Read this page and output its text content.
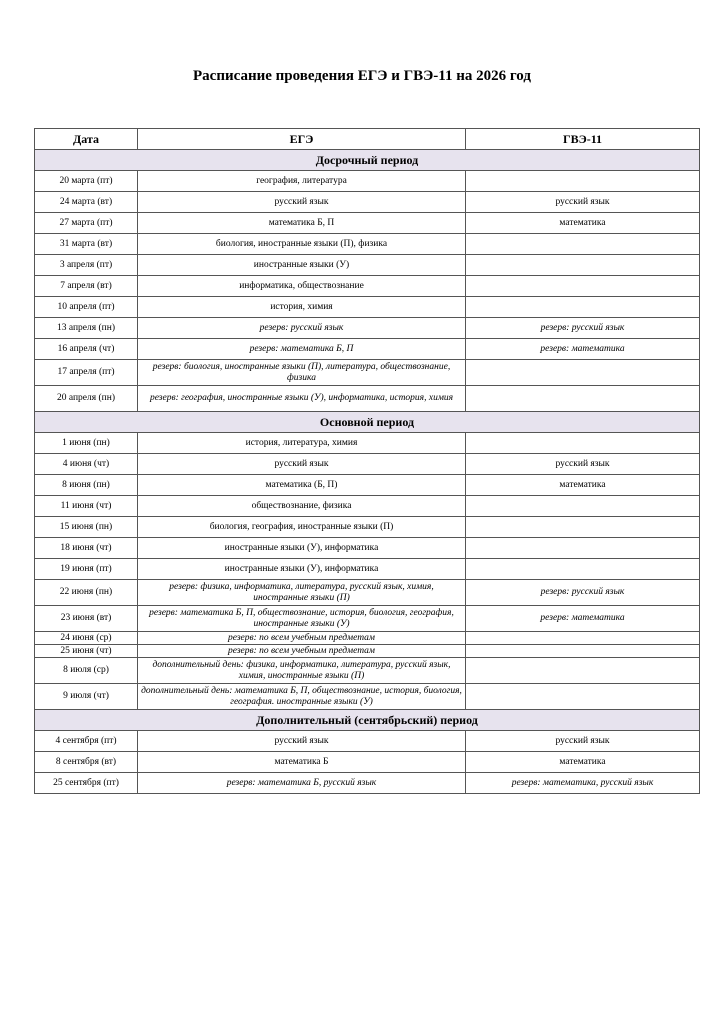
Расписание проведения ЕГЭ и ГВЭ-11 на 2026 год
Дата	ЕГЭ	ГВЭ-11
Досрочный период		
20 марта (пт)	география, литература	
24 марта (вт)	русский язык	русский язык
27 марта (пт)	математика Б, П	математика
31 марта (вт)	биология, иностранные языки (П), физика	
3 апреля (пт)	иностранные языки (У)	
7 апреля (вт)	информатика, обществознание	
10 апреля (пт)	история, химия	
13 апреля (пн)	резерв: русский язык	резерв: русский язык
16 апреля (чт)	резерв: математика Б, П	резерв: математика
17 апреля (пт)	резерв: биология, иностранные языки (П), литература, обществознание, физика	
20 апреля (пн)	резерв: география, иностранные языки (У), информатика, история, химия	
Основной период		
1 июня (пн)	история, литература, химия	
4 июня (чт)	русский язык	русский язык
8 июня (пн)	математика (Б, П)	математика
11 июня (чт)	обществознание, физика	
15 июня (пн)	биология, география, иностранные языки (П)	
18 июня (чт)	иностранные языки (У), информатика	
19 июня (пт)	иностранные языки (У), информатика	
22 июня (пн)	резерв: физика, информатика, литература, русский язык, химия, иностранные языки (П)	резерв: русский язык
23 июня (вт)	резерв: математика Б, П, обществознание, история, биология, география, иностранные языки (У)	резерв: математика
24 июня (ср)	резерв: по всем учебным предметам	
25 июня (чт)	резерв: по всем учебным предметам	
8 июля (ср)	дополнительный день: физика, информатика, литература, русский язык, химия, иностранные языки (П)	
9 июля (чт)	дополнительный день: математика Б, П, обществознание, история, биология, география. иностранные языки (У)	
Дополнительный (сентябрьский) период		
4 сентября (пт)	русский язык	русский язык
8 сентября (вт)	математика Б	математика
25 сентября (пт)	резерв: математика Б, русский язык	резерв: математика, русский язык
